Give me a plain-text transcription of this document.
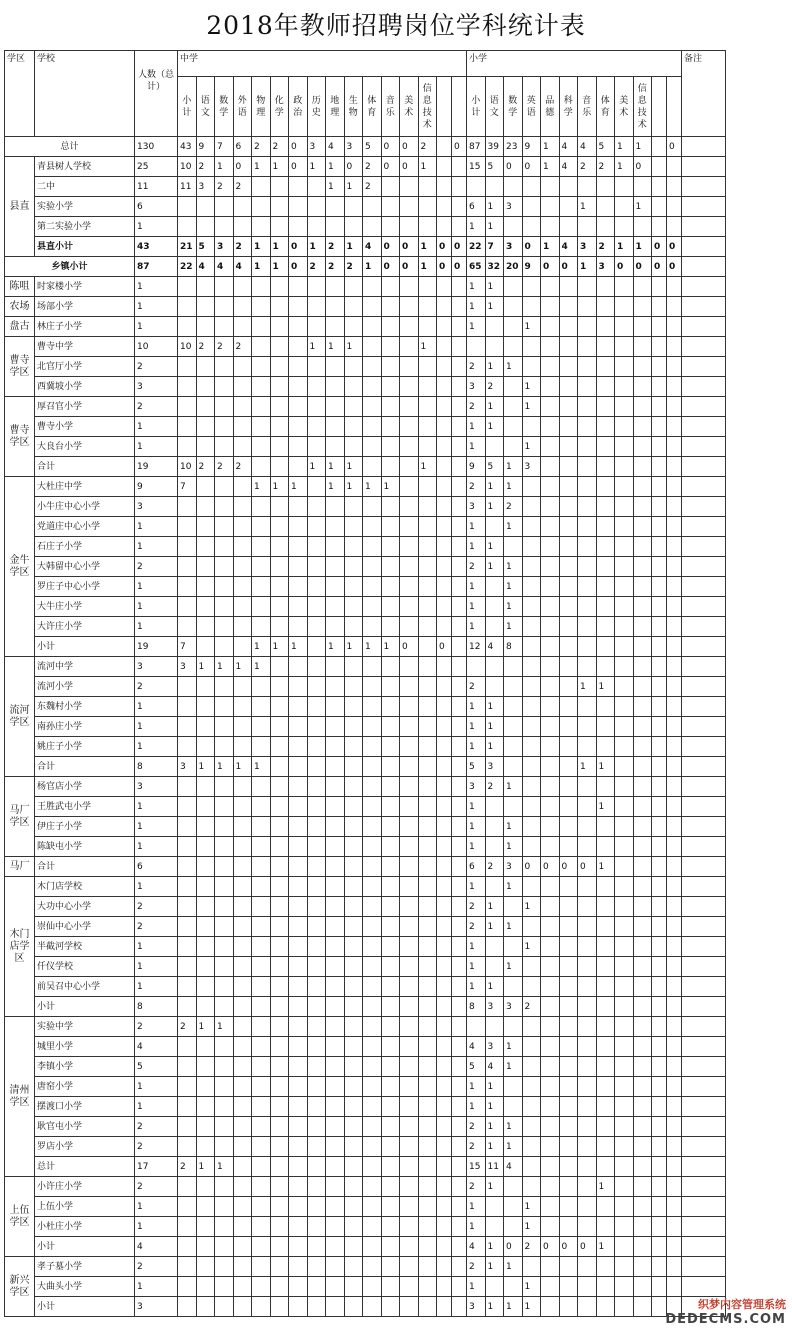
2018年教师招聘岗位学科统计表
学区	学校	人数（总计）	中学																小学												备注
			小计	语文	数学	外语	物理	化学	政治	历史	地理	生物	体育	音乐	美术	信息技术			小计	语文	数学	英语	品德	科学	音乐	体育	美术	信息技术			
总计		130	43	9	7	6	2	2	0	3	4	3	5	0	0	2		0	87	39	23	9	1	4	4	5	1	1		0	
县直	青县树人学校	25	10	2	1	0	1	1	0	1	1	0	2	0	0	1			15	5	0	0	1	4	2	2	1	0			
	二中	11	11	3	2	2					1	1	2																		
	实验小学	6																	6	1	3				1			1			
	第二实验小学	1																	1	1											
	县直小计	43	21	5	3	2	1	1	0	1	2	1	4	0	0	1	0	0	22	7	3	0	1	4	3	2	1	1	0	0	
乡镇小计		87	22	4	4	4	1	1	0	2	2	2	1	0	0	1	0	0	65	32	20	9	0	0	1	3	0	0	0	0	
陈咀	时家楼小学	1																	1	1											
农场	场部小学	1																	1	1											
盘古	林庄子小学	1																	1			1									
曹寺学区	曹寺中学	10	10	2	2	2				1	1	1				1															
	北官厅小学	2																	2	1	1										
	西冀坡小学	3																	3	2		1									
曹寺学区	厚召官小学	2																	2	1		1									
	曹寺小学	1																	1	1											
	大良台小学	1																	1			1									
	合计	19	10	2	2	2				1	1	1				1			9	5	1	3									
金牛学区	大杜庄中学	9	7				1	1	1		1	1	1	1					2	1	1										
	小牛庄中心小学	3																	3	1	2										
	党道庄中心小学	1																	1		1										
	石庄子小学	1																	1	1											
	大韩留中心小学	2																	2	1	1										
	罗庄子中心小学	1																	1		1										
	大牛庄小学	1																	1		1										
	大许庄小学	1																	1		1										
	小计	19	7				1	1	1		1	1	1	1	0		0		12	4	8										
流河学区	流河中学	3	3	1	1	1	1																								
	流河小学	2																	2						1	1					
	东魏村小学	1																	1	1											
	南孙庄小学	1																	1	1											
	姚庄子小学	1																	1	1											
	合计	8	3	1	1	1	1												5	3					1	1					
马厂学区	杨官店小学	3																	3	2	1										
	王胜武屯小学	1																	1							1					
	伊庄子小学	1																	1		1										
	陈缺屯小学	1																	1		1										
马厂	合计	6																	6	2	3	0	0	0	0	1					
木门店学区	木门店学校	1																	1		1										
	大功中心小学	2																	2	1		1									
	崇仙中心小学	2																	2	1	1										
	半截河学校	1																	1			1									
	仟仪学校	1																	1		1										
	前吴召中心小学	1																	1	1											
	小计	8																	8	3	3	2									
清州学区	实验中学	2	2	1	1																										
	城里小学	4																	4	3	1										
	李镇小学	5																	5	4	1										
	唐窑小学	1																	1	1											
	摆渡口小学	1																	1	1											
	耿官屯小学	2																	2	1	1										
	罗店小学	2																	2	1	1										
	总计	17	2	1	1														15	11	4										
上伍学区	小许庄小学	2																	2	1						1					
	上伍小学	1																	1			1									
	小杜庄小学	1																	1			1									
	小计	4																	4	1	0	2	0	0	0	1					
新兴学区	孝子墓小学	2																	2	1	1										
	大曲头小学	1																	1			1									
	小计	3																	3	1	1	1										织梦内容管理系统
DEDECMS.COM
